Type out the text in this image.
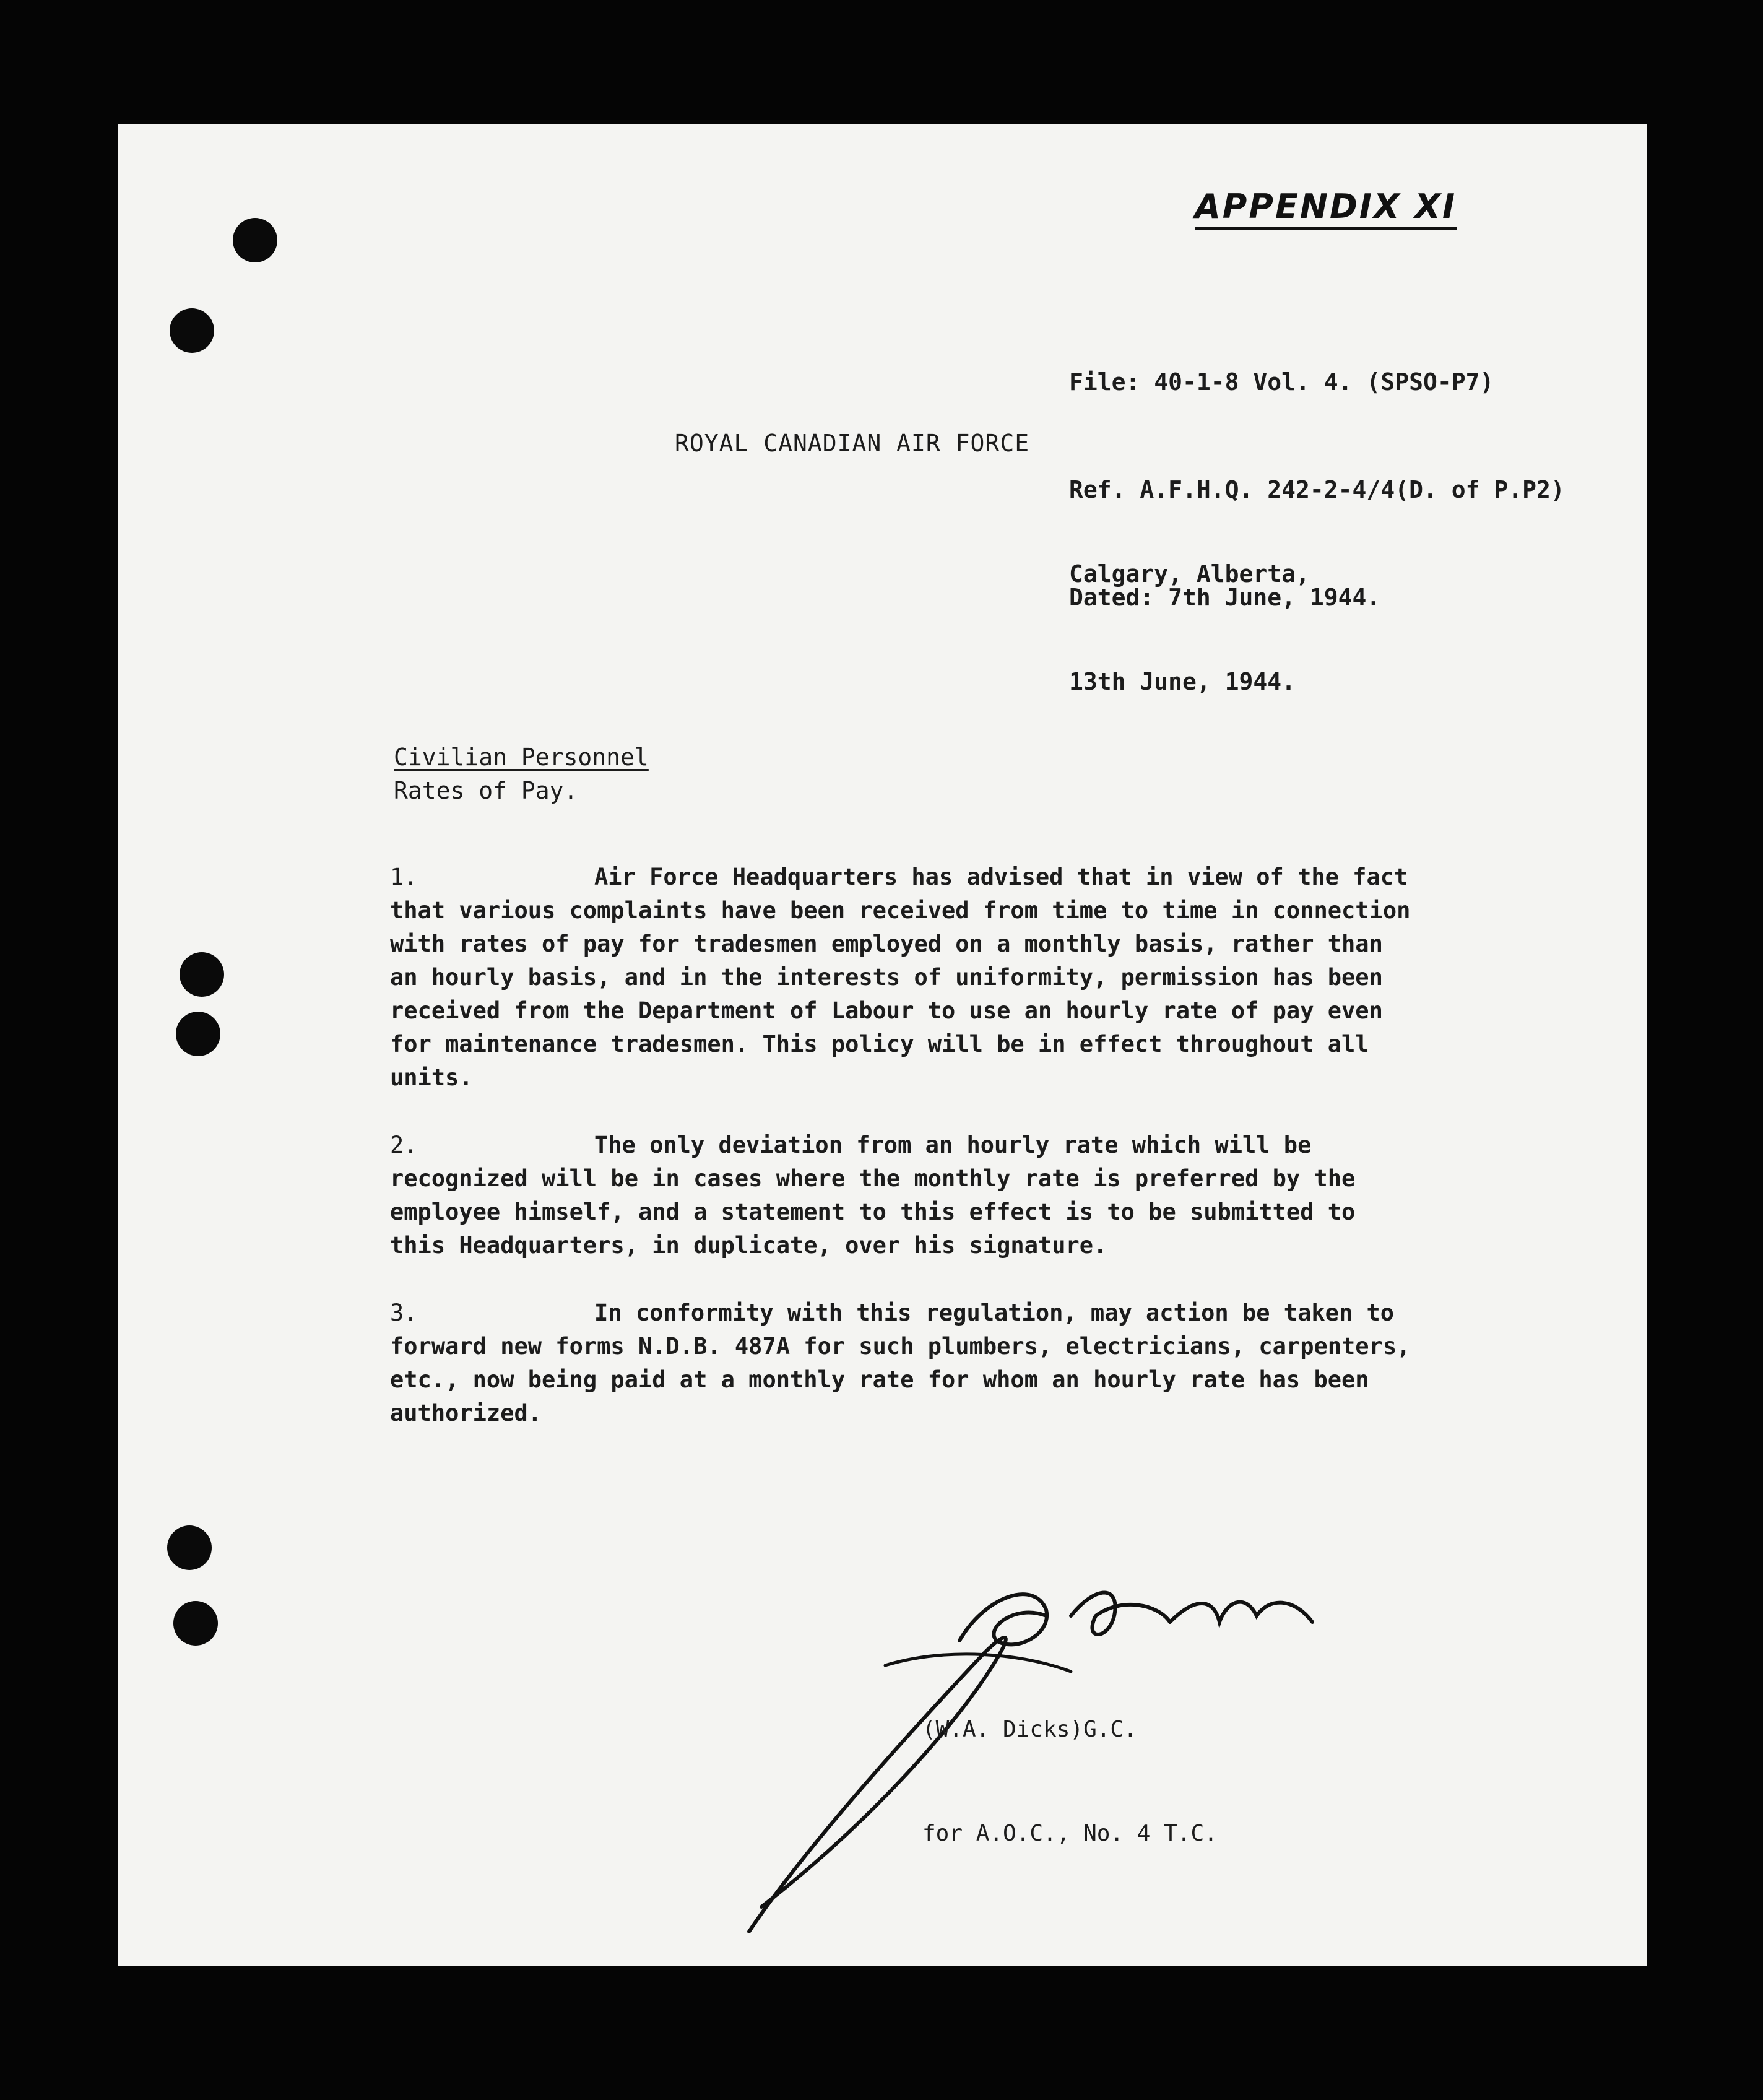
APPENDIX XI

File: 40-1-8 Vol. 4. (SPSO-P7)

Ref. A.F.H.Q. 242-2-4/4(D. of P.P2)

Dated: 7th June, 1944.

ROYAL CANADIAN AIR FORCE

Calgary, Alberta,

13th June, 1944.

Civilian Personnel
Rates of Pay.

1.	Air Force Headquarters has advised that in view of the fact that various complaints have been received from time to time in connection with rates of pay for tradesmen employed on a monthly basis, rather than an hourly basis, and in the interests of uniformity, permission has been received from the Department of Labour to use an hourly rate of pay even for maintenance tradesmen. This policy will be in effect throughout all units.

2.	The only deviation from an hourly rate which will be recognized will be in cases where the monthly rate is preferred by the employee himself, and a statement to this effect is to be submitted to this Headquarters, in duplicate, over his signature.

3.	In conformity with this regulation, may action be taken to forward new forms N.D.B. 487A for such plumbers, electricians, carpenters, etc., now being paid at a monthly rate for whom an hourly rate has been authorized.

(W.A. Dicks)G.C.

for A.O.C., No. 4 T.C.
